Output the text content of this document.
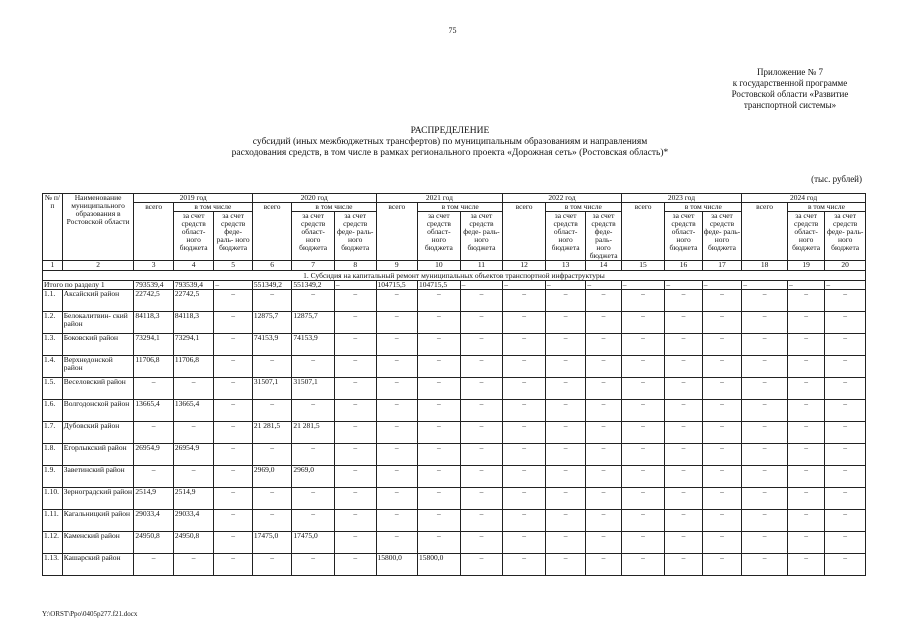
75
Приложение № 7
к государственной программе
Ростовской области «Развитие
транспортной системы»
РАСПРЕДЕЛЕНИЕ
субсидий (иных межбюджетных трансфертов) по муниципальным образованиям и направлениям
расходования средств, в том числе в рамках регионального проекта «Дорожная сеть» (Ростовская область)*
(тыс. рублей)
№ п/п	Наименование муниципального образования в Ростовской области	2019 год			2020 год			2021 год			2022 год			2023 год			2024 год		
		всего	в том числе		всего	в том числе		всего	в том числе		всего	в том числе		всего	в том числе		всего	в том числе	
			за счет средств област- ного бюджета	за счет средств феде- раль- ного бюджета		за счет средств област- ного бюджета	за счет средств феде- раль- ного бюджета		за счет средств област- ного бюджета	за счет средств феде- раль- ного бюджета		за счет средств област- ного бюджета	за счет средств феде- раль- ного бюджета		за счет средств област- ного бюджета	за счет средств феде- раль- ного бюджета		за счет средств област- ного бюджета	за счет средств феде- раль- ного бюджета
1	2	3	4	5	6	7	8	9	10	11	12	13	14	15	16	17	18	19	20
1. Субсидия на капитальный ремонт муниципальных объектов транспортной инфраструктуры																			
Итого по разделу 1		793539,4	793539,4	–	551349,2	551349,2	–	104715,5	104715,5	–	–	–	–	–	–	–	–	–	–
1.1.	Аксайский район	22742,5	22742,5	–	–	–	–	–	–	–	–	–	–	–	–	–	–	–	–
1.2.	Белокалитвин- ский район	84118,3	84118,3	–	12875,7	12875,7	–	–	–	–	–	–	–	–	–	–	–	–	–
1.3.	Боковский район	73294,1	73294,1	–	74153,9	74153,9	–	–	–	–	–	–	–	–	–	–	–	–	–
1.4.	Верхнедонской район	11706,8	11706,8	–	–	–	–	–	–	–	–	–	–	–	–	–	–	–	–
1.5.	Веселовский район	–	–	–	31507,1	31507,1	–	–	–	–	–	–	–	–	–	–	–	–	–
1.6.	Волгодонской район	13665,4	13665,4	–	–	–	–	–	–	–	–	–	–	–	–	–	–	–	–
1.7.	Дубовский район	–	–	–	21 281,5	21 281,5	–	–	–	–	–	–	–	–	–	–	–	–	–
1.8.	Егорлыкский район	26954,9	26954,9	–	–	–	–	–	–	–	–	–	–	–	–	–	–	–	–
1.9.	Заветинский район	–	–	–	2969,0	2969,0	–	–	–	–	–	–	–	–	–	–	–	–	–
1.10.	Зерноградский район	2514,9	2514,9	–	–	–	–	–	–	–	–	–	–	–	–	–	–	–	–
1.11.	Кагальницкий район	29033,4	29033,4	–	–	–	–	–	–	–	–	–	–	–	–	–	–	–	–
1.12.	Каменский район	24950,8	24950,8	–	17475,0	17475,0	–	–	–	–	–	–	–	–	–	–	–	–	–
1.13.	Кашарский район	–	–	–	–	–	–	15800,0	15800,0	–	–	–	–	–	–	–	–	–	–
Y:\ORST\Ppo\0405p277.f21.docx
